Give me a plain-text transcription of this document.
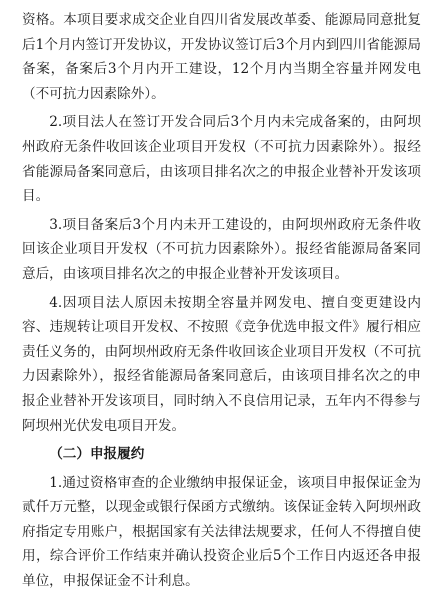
资格。本项目要求成交企业自四川省发展改革委、能源局同意批复后1个月内签订开发协议，开发协议签订后3个月内到四川省能源局备案，备案后3个月内开工建设，12个月内当期全容量并网发电（不可抗力因素除外）。

2.项目法人在签订开发合同后3个月内未完成备案的，由阿坝州政府无条件收回该企业项目开发权（不可抗力因素除外）。报经省能源局备案同意后，由该项目排名次之的申报企业替补开发该项目。

3.项目备案后3个月内未开工建设的，由阿坝州政府无条件收回该企业项目开发权（不可抗力因素除外）。报经省能源局备案同意后，由该项目排名次之的申报企业替补开发该项目。

4.因项目法人原因未按期全容量并网发电、擅自变更建设内容、违规转让项目开发权、不按照《竞争优选申报文件》履行相应责任义务的，由阿坝州政府无条件收回该企业项目开发权（不可抗力因素除外），报经省能源局备案同意后，由该项目排名次之的申报企业替补开发该项目，同时纳入不良信用记录，五年内不得参与阿坝州光伏发电项目开发。

（二）申报履约

1.通过资格审查的企业缴纳申报保证金，该项目申报保证金为贰仟万元整，以现金或银行保函方式缴纳。该保证金转入阿坝州政府指定专用账户，根据国家有关法律法规要求，任何人不得擅自使用，综合评价工作结束并确认投资企业后5个工作日内返还各申报单位，申报保证金不计利息。
